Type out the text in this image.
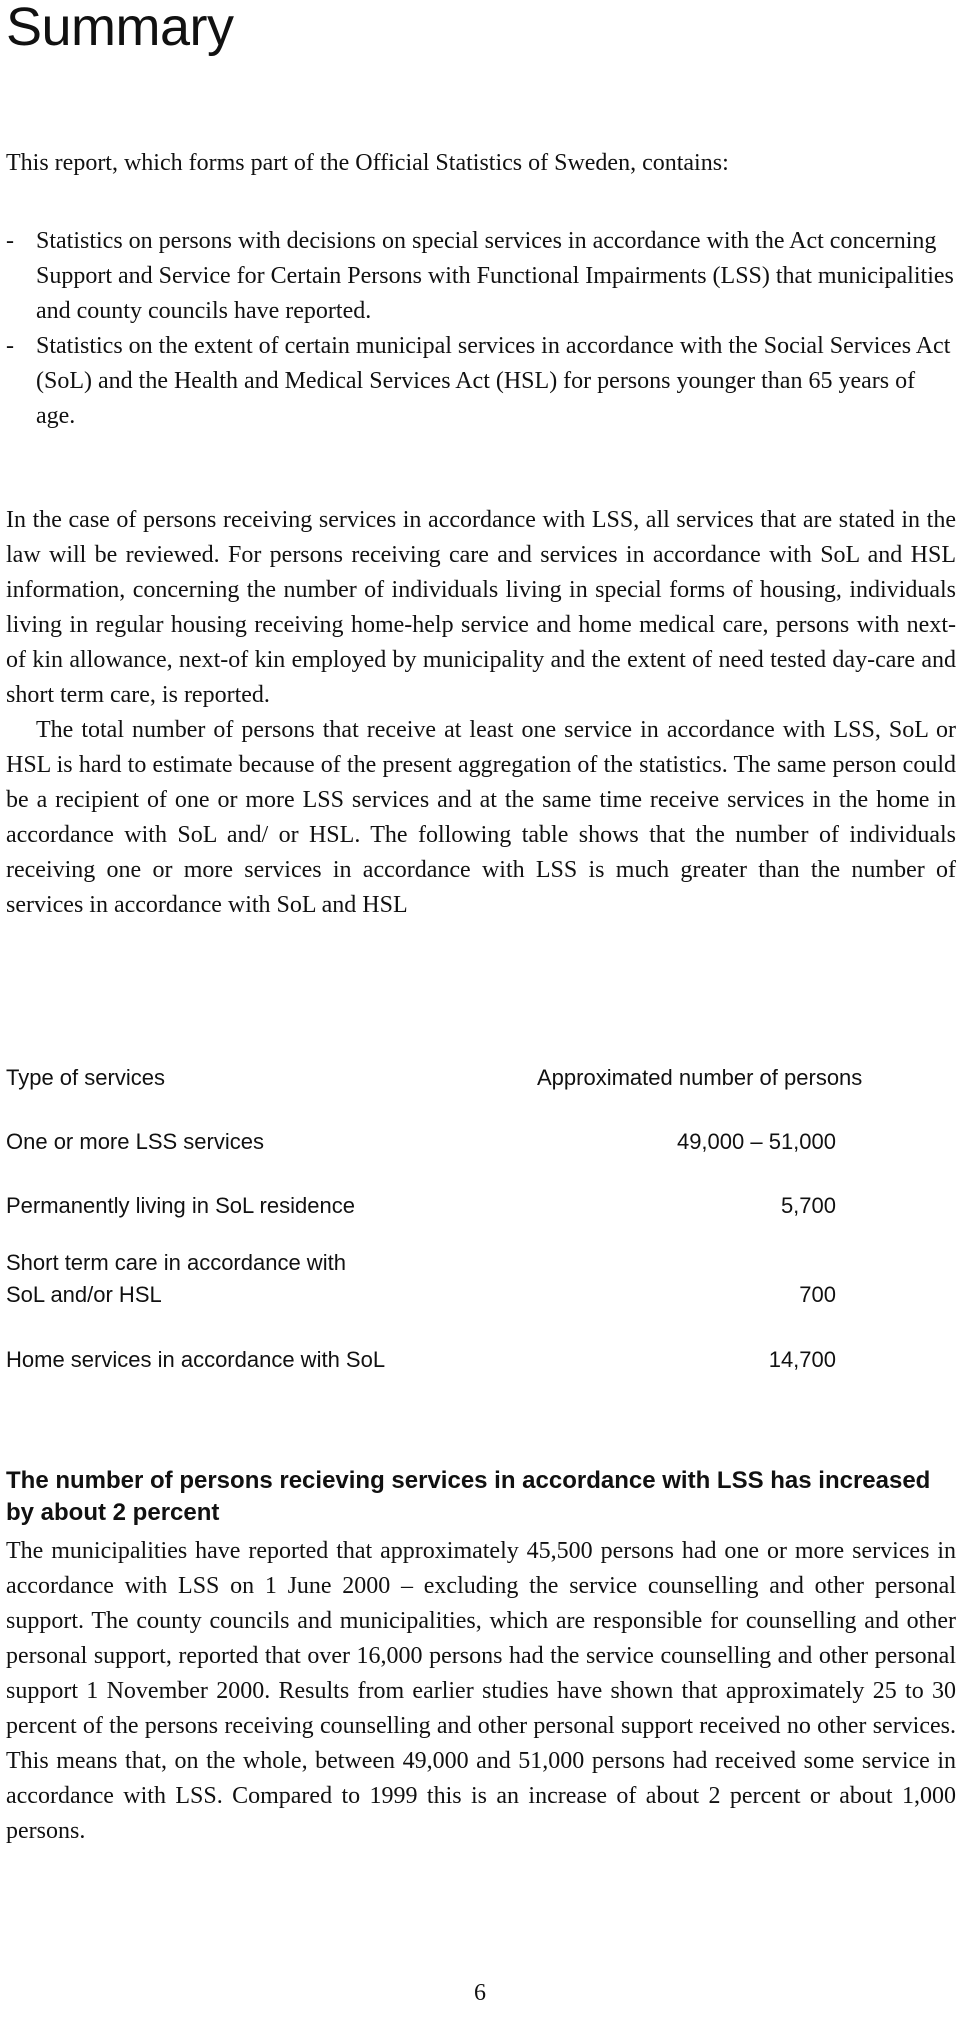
Summary

This report, which forms part of the Official Statistics of Sweden, contains:

- Statistics on persons with decisions on special services in accordance with the Act concerning Support and Service for Certain Persons with Functional Impairments (LSS) that municipalities and county councils have reported.
- Statistics on the extent of certain municipal services in accordance with the Social Services Act (SoL) and the Health and Medical Services Act (HSL) for persons younger than 65 years of age.
In the case of persons receiving services in accordance with LSS, all services that are stated in the law will be reviewed. For persons receiving care and services in accordance with SoL and HSL information, concerning the number of individuals living in special forms of housing, individuals living in regular housing receiving home-help service and home medical care, persons with next-of kin allowance, next-of kin employed by municipality and the extent of need tested day-care and short term care, is reported.
The total number of persons that receive at least one service in accordance with LSS, SoL or HSL is hard to estimate because of the present aggregation of the statistics. The same person could be a recipient of one or more LSS services and at the same time receive services in the home in accordance with SoL and/ or HSL. The following table shows that the number of individuals receiving one or more services in accordance with LSS is much greater than the number of services in accordance with SoL and HSL
Type of services	Approximated number of persons
One or more LSS services	49,000 – 51,000
Permanently living in SoL residence	5,700
Short term care in accordance with
SoL and/or HSL	700
Home services in accordance with SoL	14,700
The number of persons recieving services in accordance with LSS has increased by about 2 percent

The municipalities have reported that approximately 45,500 persons had one or more services in accordance with LSS on 1 June 2000 – excluding the service counselling and other personal support. The county councils and municipalities, which are responsible for counselling and other personal support, reported that over 16,000 persons had the service counselling and other personal support 1 November 2000. Results from earlier studies have shown that approximately 25 to 30 percent of the persons receiving counselling and other personal support received no other services. This means that, on the whole, between 49,000 and 51,000 persons had received some service in accordance with LSS. Compared to 1999 this is an increase of about 2 percent or about 1,000 persons.

6
